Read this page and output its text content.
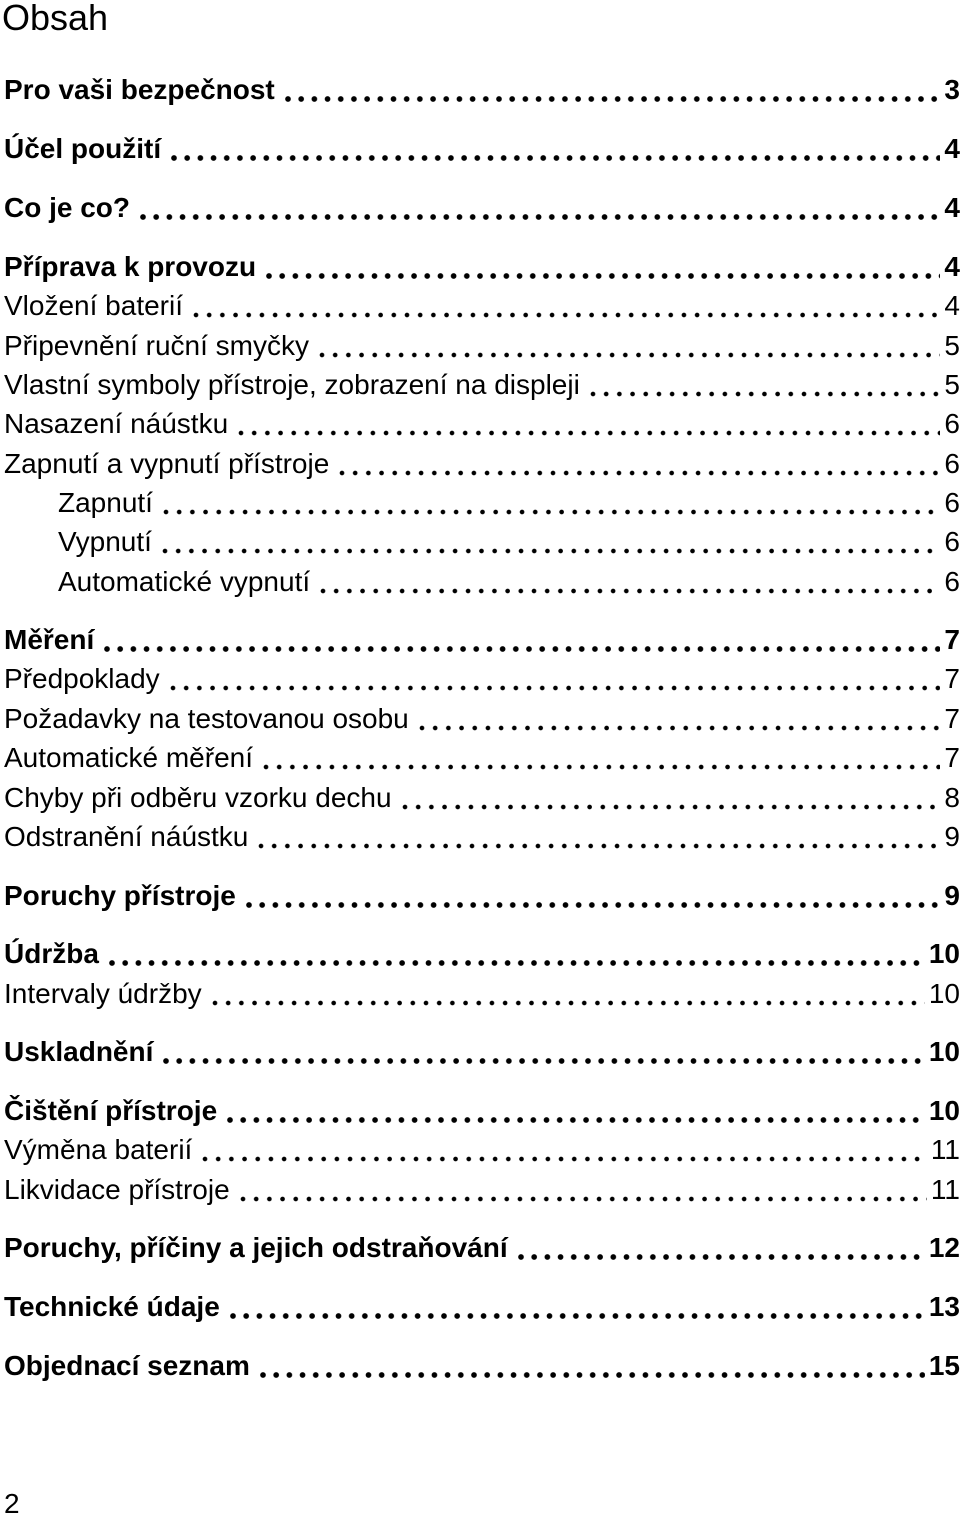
Obsah
Pro vaši bezpečnost	3
Účel použití	4
Co je co?	4
Příprava k provozu	4
Vložení baterií	4
Připevnění ruční smyčky	5
Vlastní symboly přístroje, zobrazení na displeji	5
Nasazení náústku	6
Zapnutí a vypnutí přístroje	6
Zapnutí	6
Vypnutí	6
Automatické vypnutí	6
Měření	7
Předpoklady	7
Požadavky na testovanou osobu	7
Automatické měření	7
Chyby při odběru vzorku dechu	8
Odstranění náústku	9
Poruchy přístroje	9
Údržba	10
Intervaly údržby	10
Uskladnění	10
Čištění přístroje	10
Výměna baterií	11
Likvidace přístroje	11
Poruchy, příčiny a jejich odstraňování	12
Technické údaje	13
Objednací seznam	15
2
